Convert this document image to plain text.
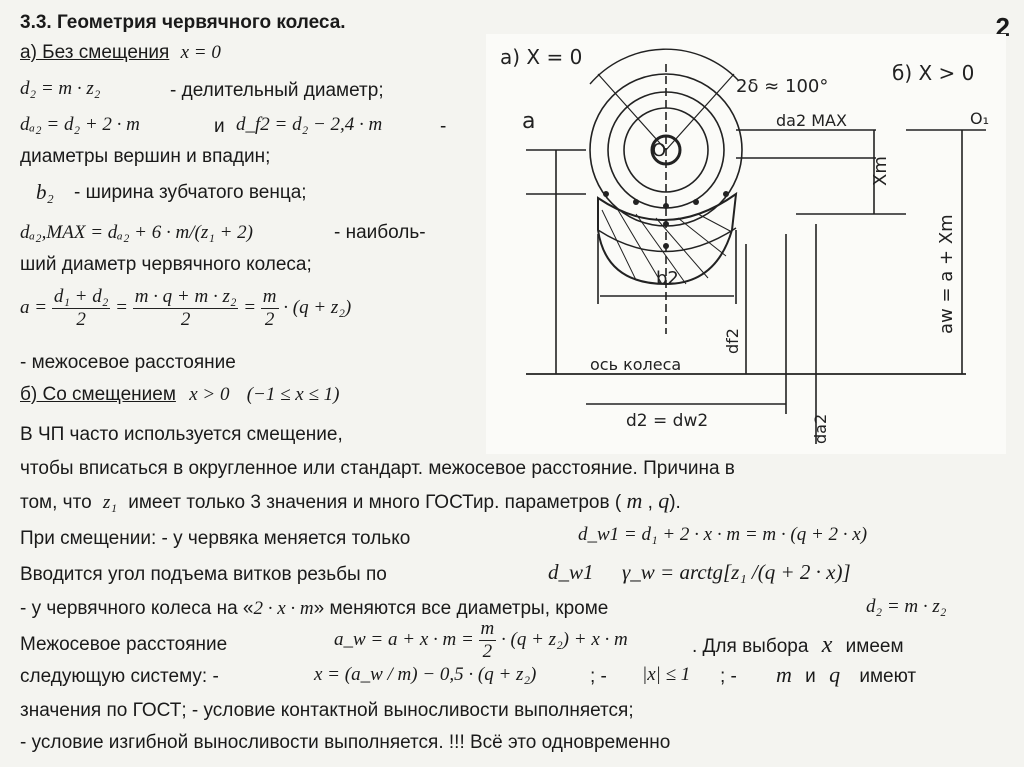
2
3.3. Геометрия червячного колеса.
а) Без смещения x = 0
d₂ = m · z₂	- делительный диаметр;
dₐ₂ = d₂ + 2 · m	и d_f2 = d₂ − 2,4 · m	-
диаметры вершин и впадин;
b₂ - ширина зубчатого венца;
dₐ₂,MAX = dₐ₂ + 6 · m/(z₁ + 2)	- наиболь-
ший диаметр червячного колеса;
$a = \frac{\text{d₁ + d₂}}{2} = \frac{\text{m · q + m · z₂}}{2} = \frac{m}{2} \cdot (q + z_2)$
- межосевое расстояние
б) Со смещением x > 0 (−1 ≤ x ≤ 1)
В ЧП часто используется смещение,
чтобы вписаться в округленное или стандарт. межосевое расстояние. Причина в
том, что z₁ имеет только 3 значения и много ГОСТир. параметров ( m , q).
При смещении: - у червяка меняется только	d_w1 = d₁ + 2 · x · m = m · (q + 2 · x)
Вводится угол подъема витков резьбы по	d_w1 γ_w = arctg[z₁ /(q + 2 · x)]
- у червячного колеса на «2 · x · m» меняются все диаметры, кроме	d₂ = m · z₂
Межосевое расстояние	a_w = $a + x \cdot m = \frac{m}{2} \cdot (q + z_2) + x \cdot m$	. Для выбора x имеем
следующую систему: -	x = (a_w / m) − 0,5 · (q + z₂)	; - |x| ≤ 1 ; - m и q имеют
значения по ГОСТ; - условие контактной выносливости выполняется;
- условие изгибной выносливости выполняется. !!! Всё это одновременно
а) X = 0
б) X > 0
2δ ≈ 100°
a
O
O₁
dа2 MAX
Xm
aw = a + Xm
b2
df2
ось колеса
d2 = dw2	da2
